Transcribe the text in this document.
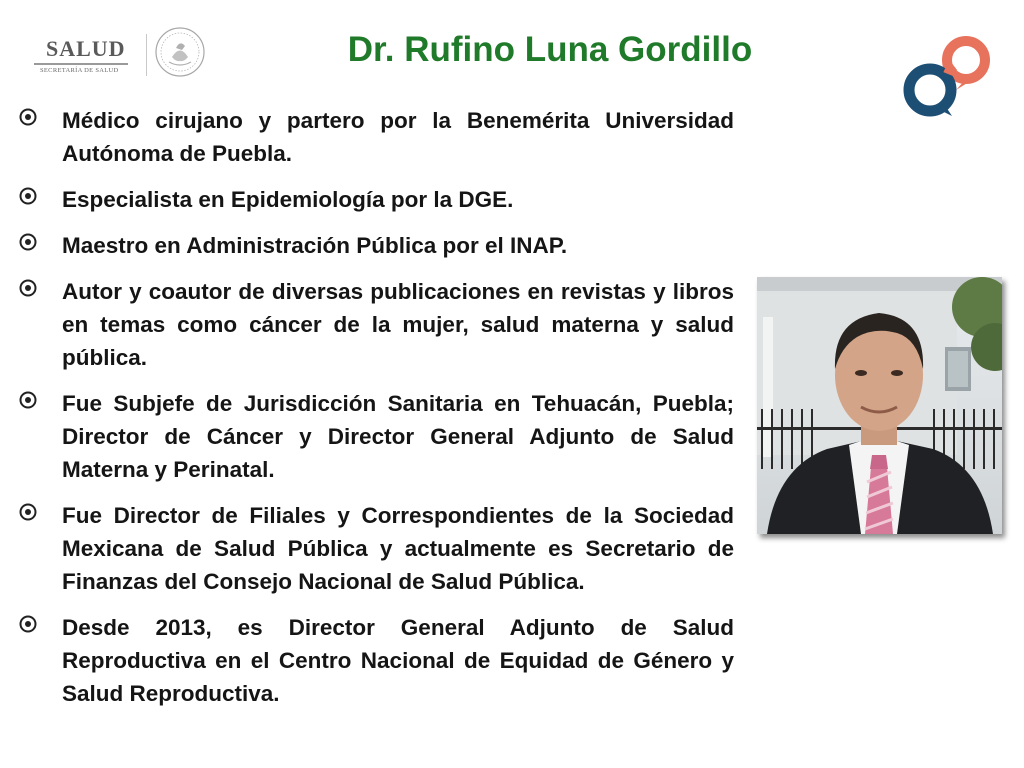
SALUD
SECRETARÍA DE SALUD
Dr. Rufino Luna Gordillo
Médico cirujano y partero por la Benemérita Universidad Autónoma de Puebla.
Especialista en Epidemiología por la DGE.
Maestro en Administración Pública por el INAP.
Autor y coautor de diversas publicaciones en revistas y libros en temas como cáncer de la mujer, salud materna y salud pública.
Fue Subjefe de Jurisdicción Sanitaria en Tehuacán, Puebla; Director de Cáncer y Director General Adjunto de Salud Materna y Perinatal.
Fue Director de Filiales y Correspondientes de la Sociedad Mexicana de Salud Pública y actualmente es Secretario de Finanzas del Consejo Nacional de Salud Pública.
Desde 2013, es Director General Adjunto de Salud Reproductiva en el Centro Nacional de Equidad de Género y Salud Reproductiva.
